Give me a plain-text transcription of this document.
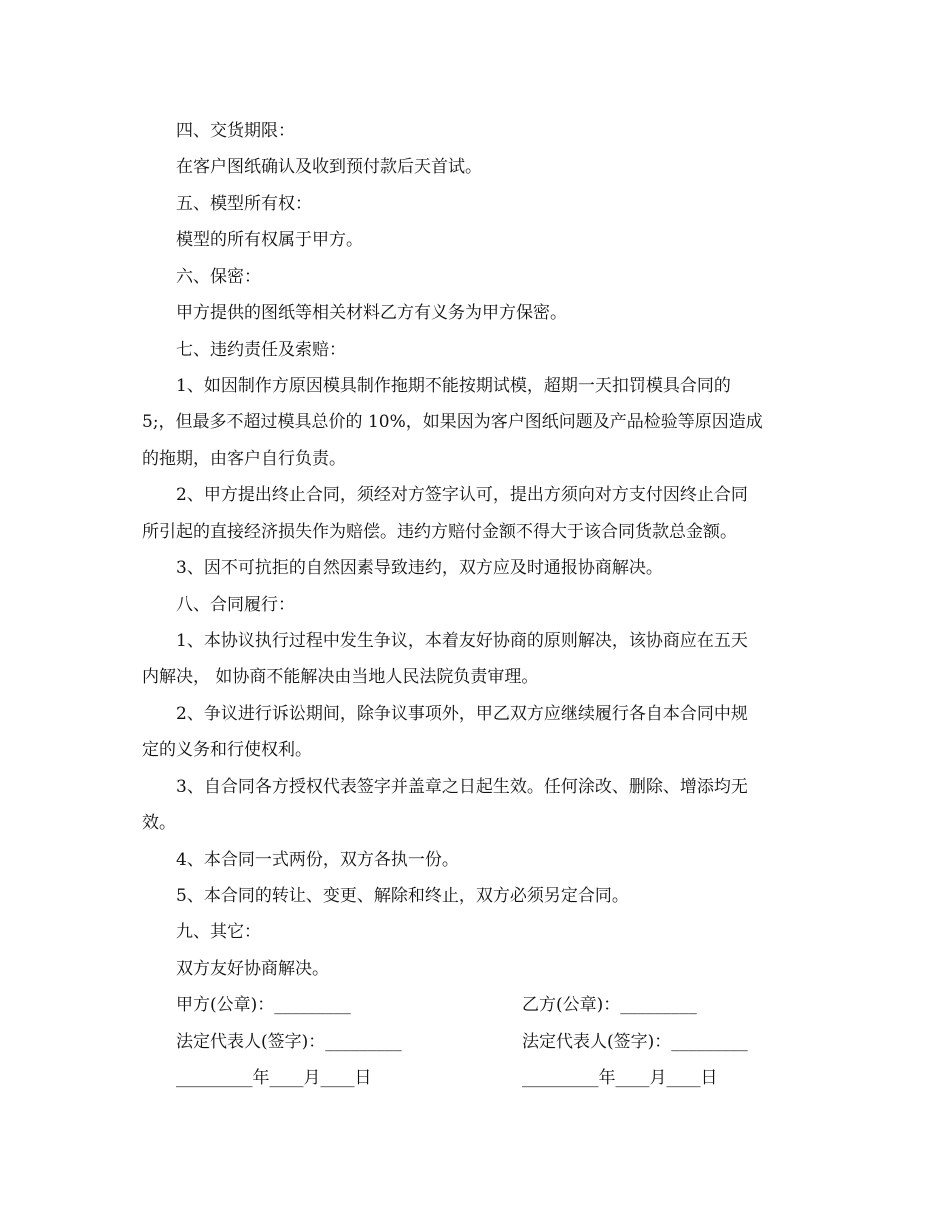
四、交货期限：
在客户图纸确认及收到预付款后天首试。
五、模型所有权：
模型的所有权属于甲方。
六、保密：
甲方提供的图纸等相关材料乙方有义务为甲方保密。
七、违约责任及索赔：
1、如因制作方原因模具制作拖期不能按期试模，超期一天扣罚模具合同的
5;，但最多不超过模具总价的 10%，如果因为客户图纸问题及产品检验等原因造成
的拖期，由客户自行负责。
2、甲方提出终止合同，须经对方签字认可，提出方须向对方支付因终止合同
所引起的直接经济损失作为赔偿。违约方赔付金额不得大于该合同货款总金额。
3、因不可抗拒的自然因素导致违约，双方应及时通报协商解决。
八、合同履行：
1、本协议执行过程中发生争议，本着友好协商的原则解决，该协商应在五天
内解决， 如协商不能解决由当地人民法院负责审理。
2、争议进行诉讼期间，除争议事项外，甲乙双方应继续履行各自本合同中规
定的义务和行使权利。
3、自合同各方授权代表签字并盖章之日起生效。任何涂改、删除、增添均无
效。
4、本合同一式两份，双方各执一份。
5、本合同的转让、变更、解除和终止，双方必须另定合同。
九、其它：
双方友好协商解决。
甲方(公章)：_________	乙方(公章)：_________
法定代表人(签字)：_________	法定代表人(签字)：_________
_________年____月____日	_________年____月____日
